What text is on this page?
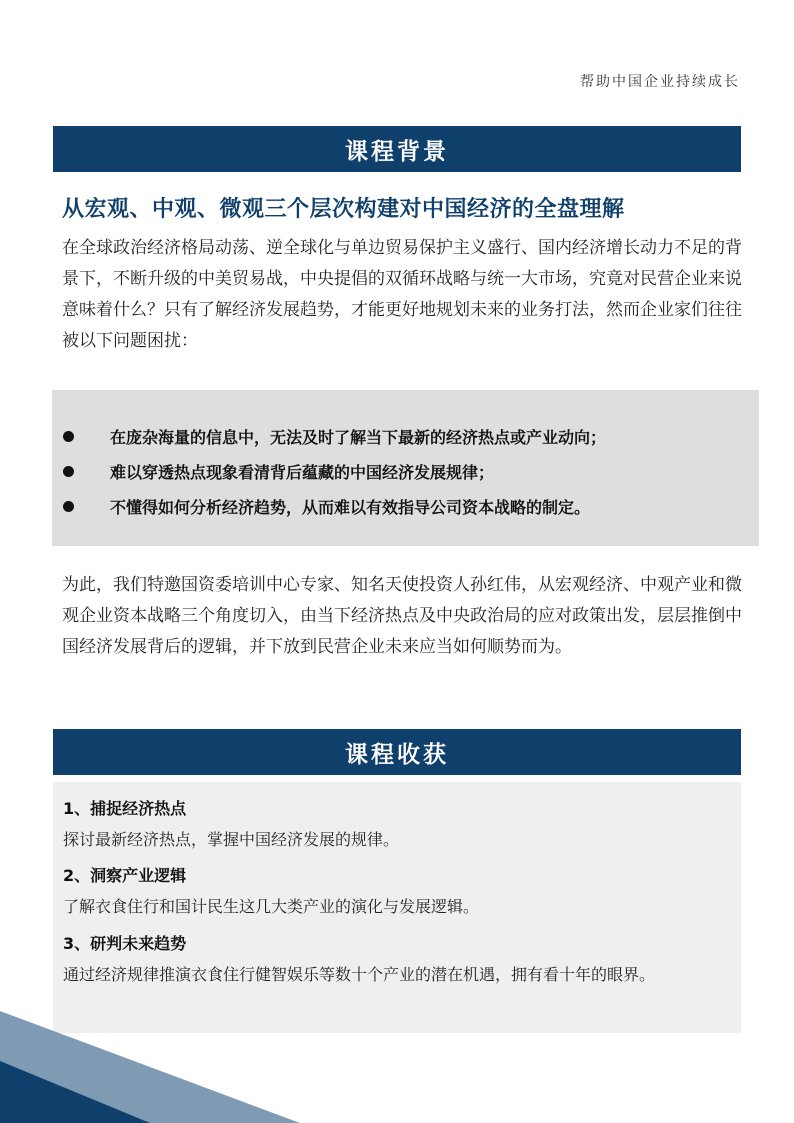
帮助中国企业持续成长
课程背景
从宏观、中观、微观三个层次构建对中国经济的全盘理解
在全球政治经济格局动荡、逆全球化与单边贸易保护主义盛行、国内经济增长动力不足的背景下，不断升级的中美贸易战，中央提倡的双循环战略与统一大市场，究竟对民营企业来说意味着什么？只有了解经济发展趋势，才能更好地规划未来的业务打法，然而企业家们往往被以下问题困扰：
在庞杂海量的信息中，无法及时了解当下最新的经济热点或产业动向；
难以穿透热点现象看清背后蕴藏的中国经济发展规律；
不懂得如何分析经济趋势，从而难以有效指导公司资本战略的制定。
为此，我们特邀国资委培训中心专家、知名天使投资人孙红伟，从宏观经济、中观产业和微观企业资本战略三个角度切入，由当下经济热点及中央政治局的应对政策出发，层层推倒中国经济发展背后的逻辑，并下放到民营企业未来应当如何顺势而为。
课程收获
1、捕捉经济热点
探讨最新经济热点，掌握中国经济发展的规律。
2、洞察产业逻辑
了解衣食住行和国计民生这几大类产业的演化与发展逻辑。
3、研判未来趋势
通过经济规律推演衣食住行健智娱乐等数十个产业的潜在机遇，拥有看十年的眼界。
